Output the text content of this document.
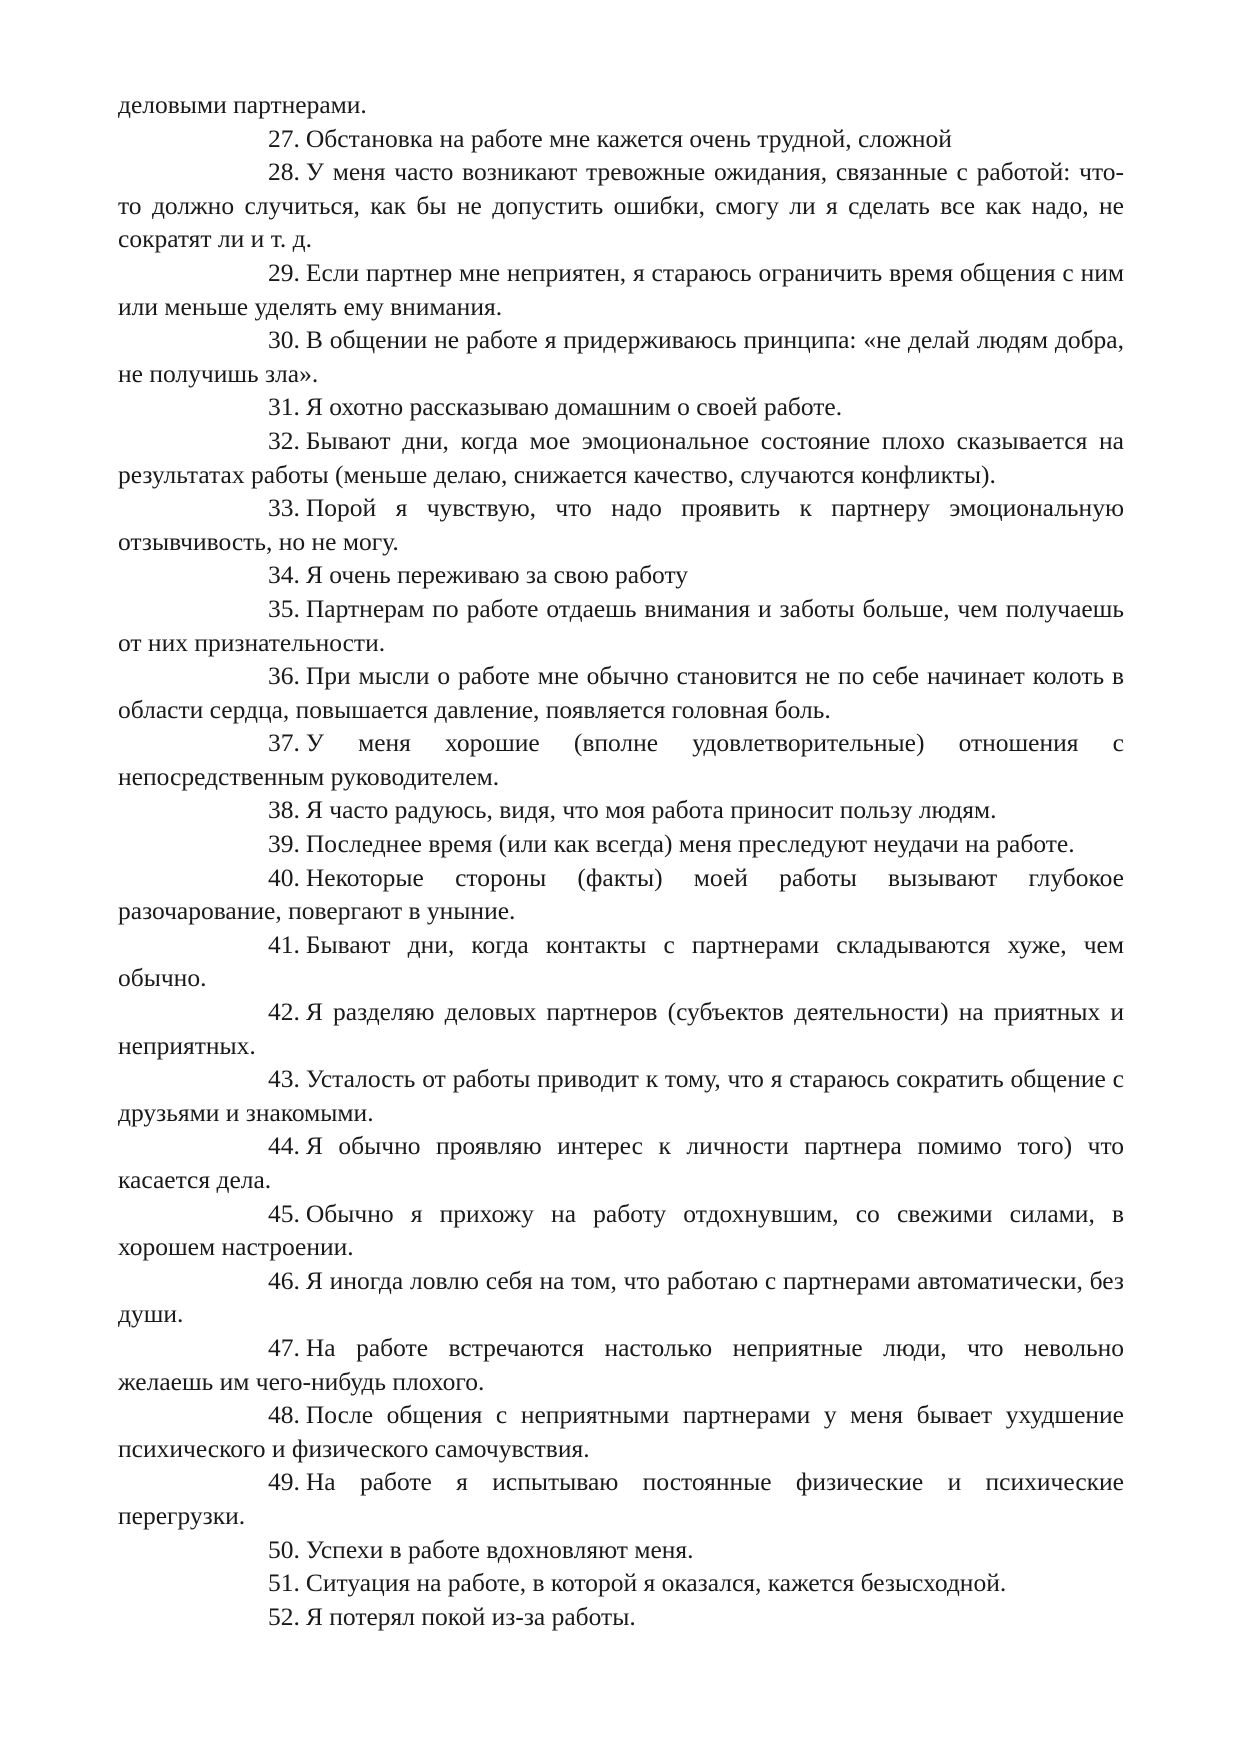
деловыми партнерами.

27. Обстановка на работе мне кажется очень трудной, сложной

28. У меня часто возникают тревожные ожидания, связанные с работой: что-то должно случиться, как бы не допустить ошибки, смогу ли я сделать все как надо, не сократят ли и т. д.

29. Если партнер мне неприятен, я стараюсь ограничить время общения с ним или меньше уделять ему внимания.

30. В общении не работе я придерживаюсь принципа: «не делай людям добра, не получишь зла».

31. Я охотно рассказываю домашним о своей работе.

32. Бывают дни, когда мое эмоциональное состояние плохо сказывается на результатах работы (меньше делаю, снижается качество, случаются конфликты).

33. Порой я чувствую, что надо проявить к партнеру эмоциональную отзывчивость, но не могу.

34. Я очень переживаю за свою работу

35. Партнерам по работе отдаешь внимания и заботы больше, чем получаешь от них признательности.

36. При мысли о работе мне обычно становится не по себе начинает колоть в области сердца, повышается давление, появляется головная боль.

37. У меня хорошие (вполне удовлетворительные) отношения с непосредственным руководителем.

38. Я часто радуюсь, видя, что моя работа приносит пользу людям.

39. Последнее время (или как всегда) меня преследуют неудачи на работе.

40. Некоторые стороны (факты) моей работы вызывают глубокое разочарование, повергают в уныние.

41. Бывают дни, когда контакты с партнерами складываются хуже, чем обычно.

42. Я разделяю деловых партнеров (субъектов деятельности) на приятных и неприятных.

43. Усталость от работы приводит к тому, что я стараюсь сократить общение с друзьями и знакомыми.

44. Я обычно проявляю интерес к личности партнера помимо того) что касается дела.

45. Обычно я прихожу на работу отдохнувшим, со свежими силами, в хорошем настроении.

46. Я иногда ловлю себя на том, что работаю с партнерами автоматически, без души.

47. На работе встречаются настолько неприятные люди, что невольно желаешь им чего-нибудь плохого.

48. После общения с неприятными партнерами у меня бывает ухудшение психического и физического самочувствия.

49. На работе я испытываю постоянные физические и психические перегрузки.

50. Успехи в работе вдохновляют меня.

51. Ситуация на работе, в которой я оказался, кажется безысходной.

52. Я потерял покой из-за работы.
